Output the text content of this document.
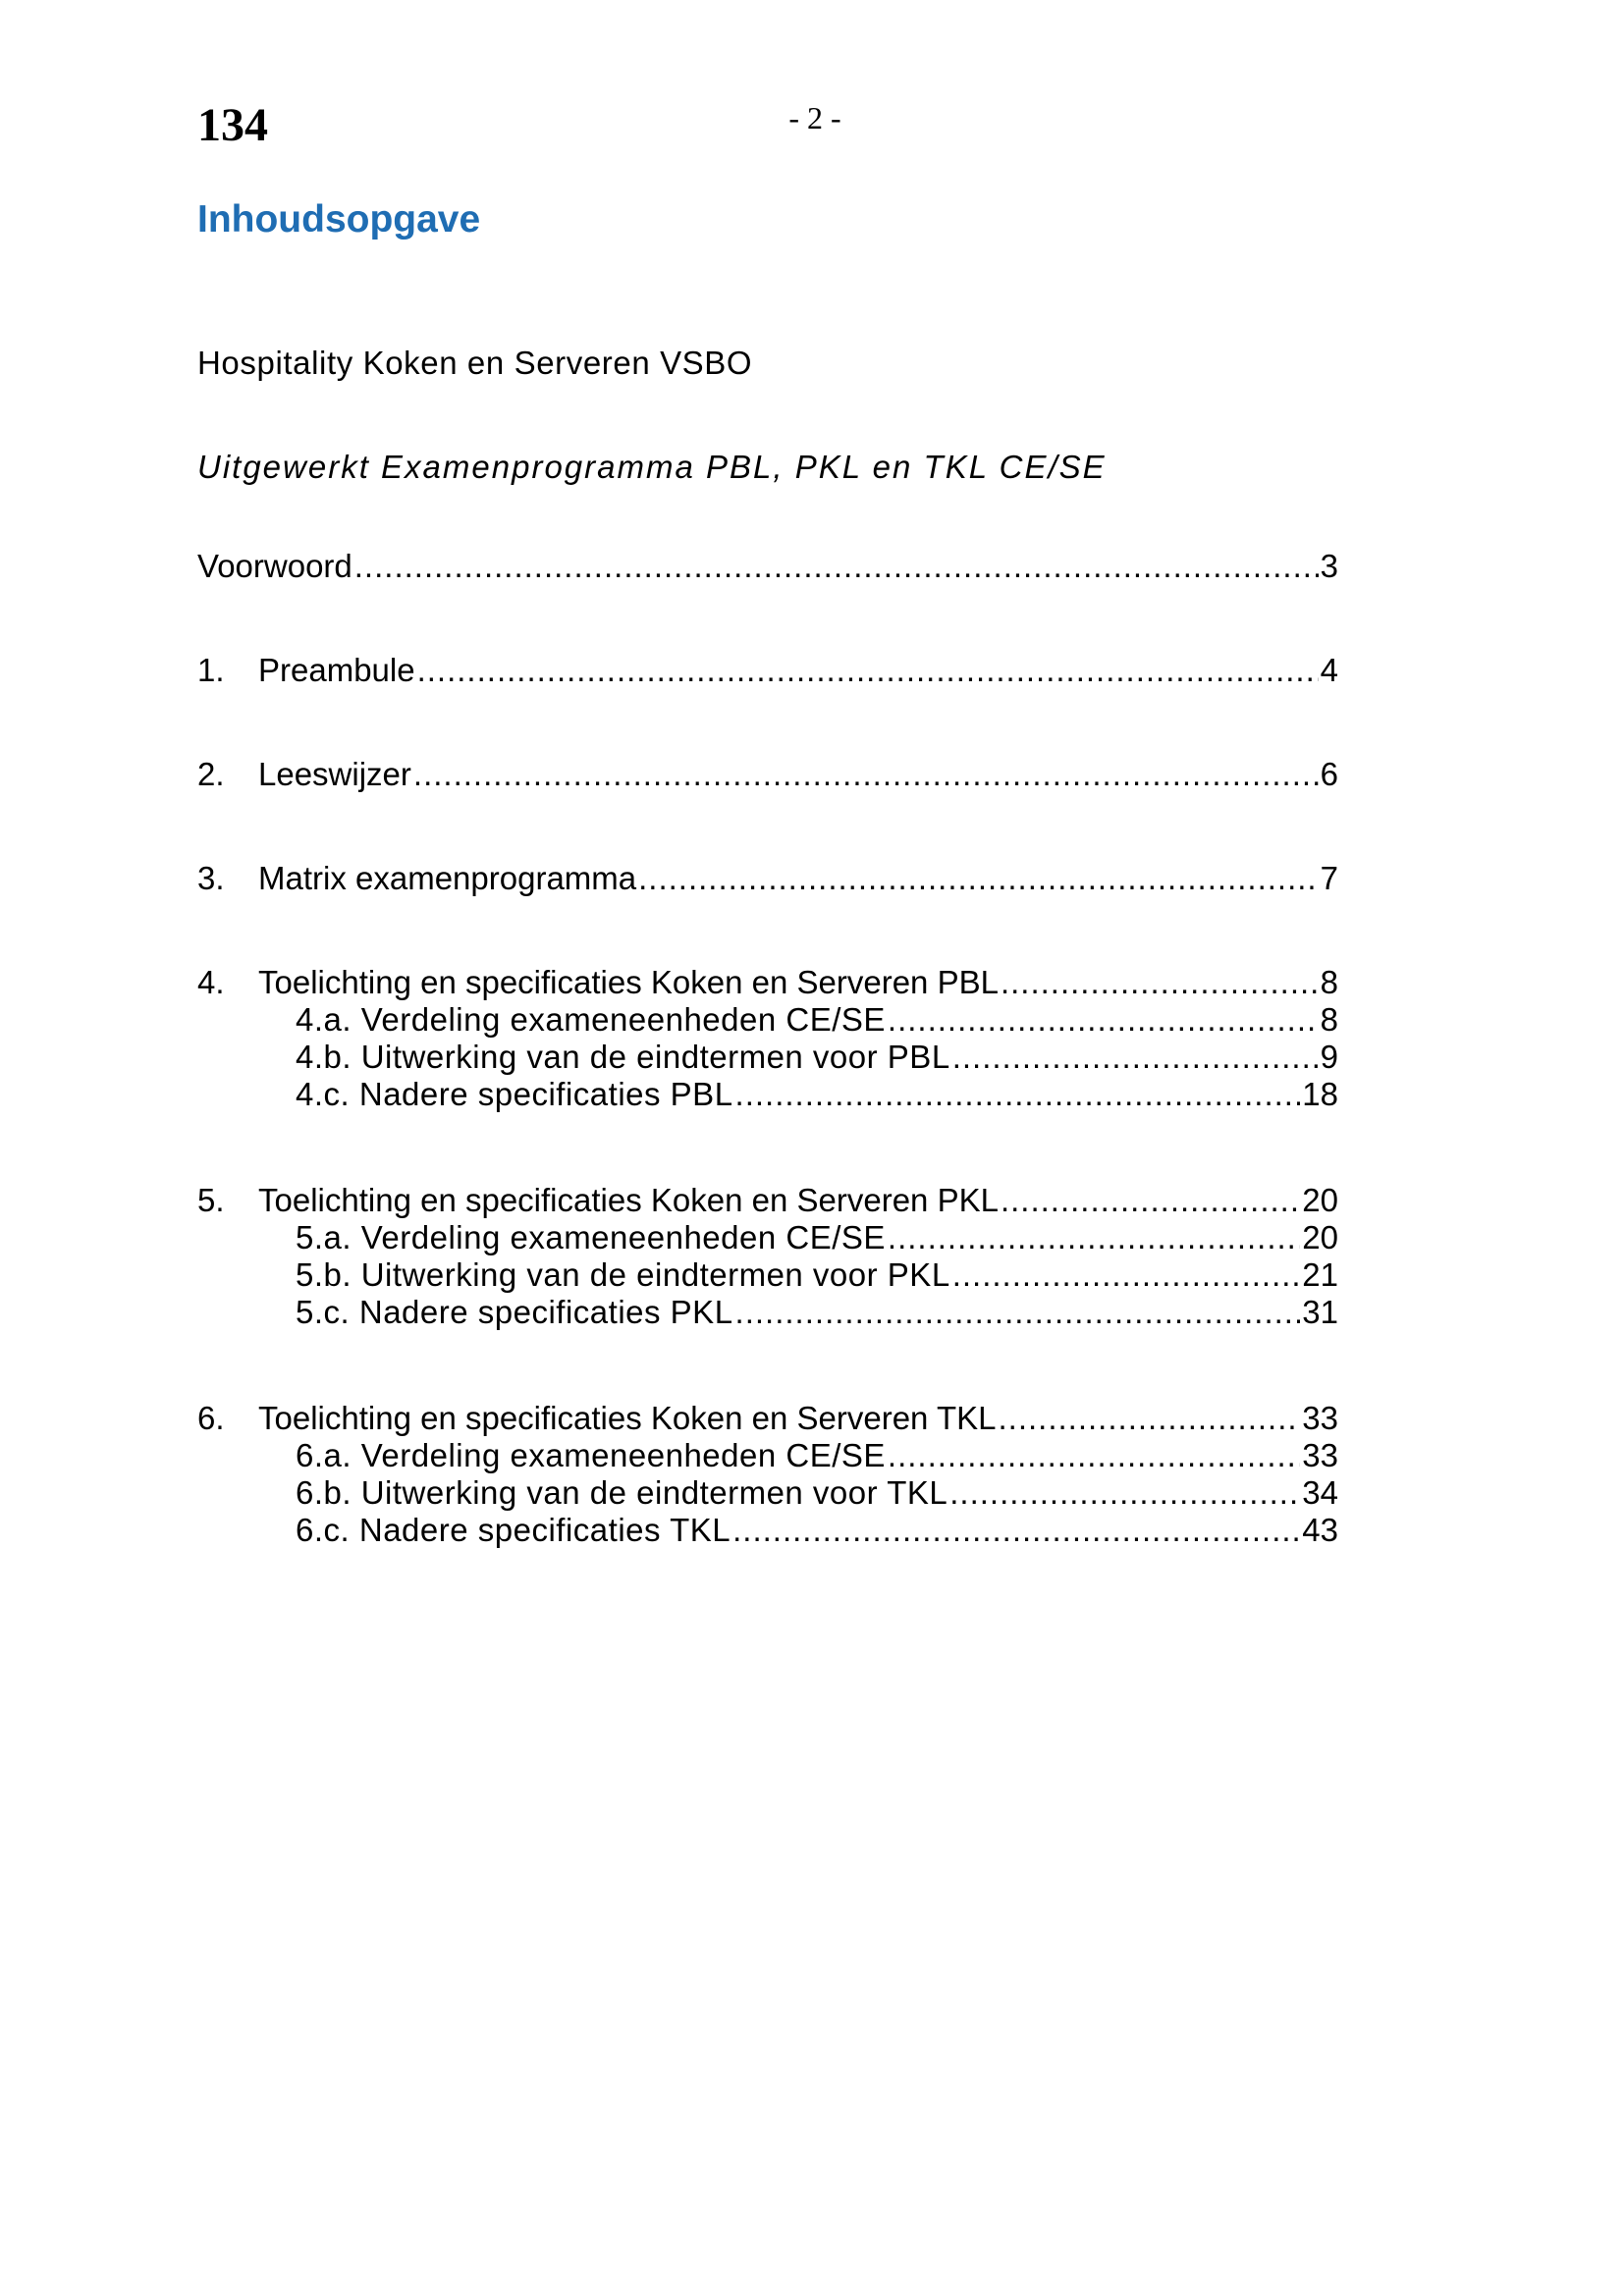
134	- 2 -
Inhoudsopgave
Hospitality Koken en Serveren VSBO
Uitgewerkt Examenprogramma PBL, PKL en TKL CE/SE
Voorwoord .....	3
1.	Preambule .....	4
2.	Leeswijzer .....	6
3.	Matrix examenprogramma .....	7
4.	Toelichting en specificaties Koken en Serveren PBL .....	8
4.a. Verdeling exameneenheden CE/SE .....	8
4.b. Uitwerking van de eindtermen voor PBL .....	9
4.c. Nadere specificaties PBL .....	18
5.	Toelichting en specificaties Koken en Serveren PKL .....	20
5.a. Verdeling exameneenheden CE/SE .....	20
5.b. Uitwerking van de eindtermen voor PKL .....	21
5.c. Nadere specificaties PKL .....	31
6.	Toelichting en specificaties Koken en Serveren TKL .....	33
6.a. Verdeling exameneenheden CE/SE .....	33
6.b. Uitwerking van de eindtermen voor TKL .....	34
6.c. Nadere specificaties TKL .....	43
